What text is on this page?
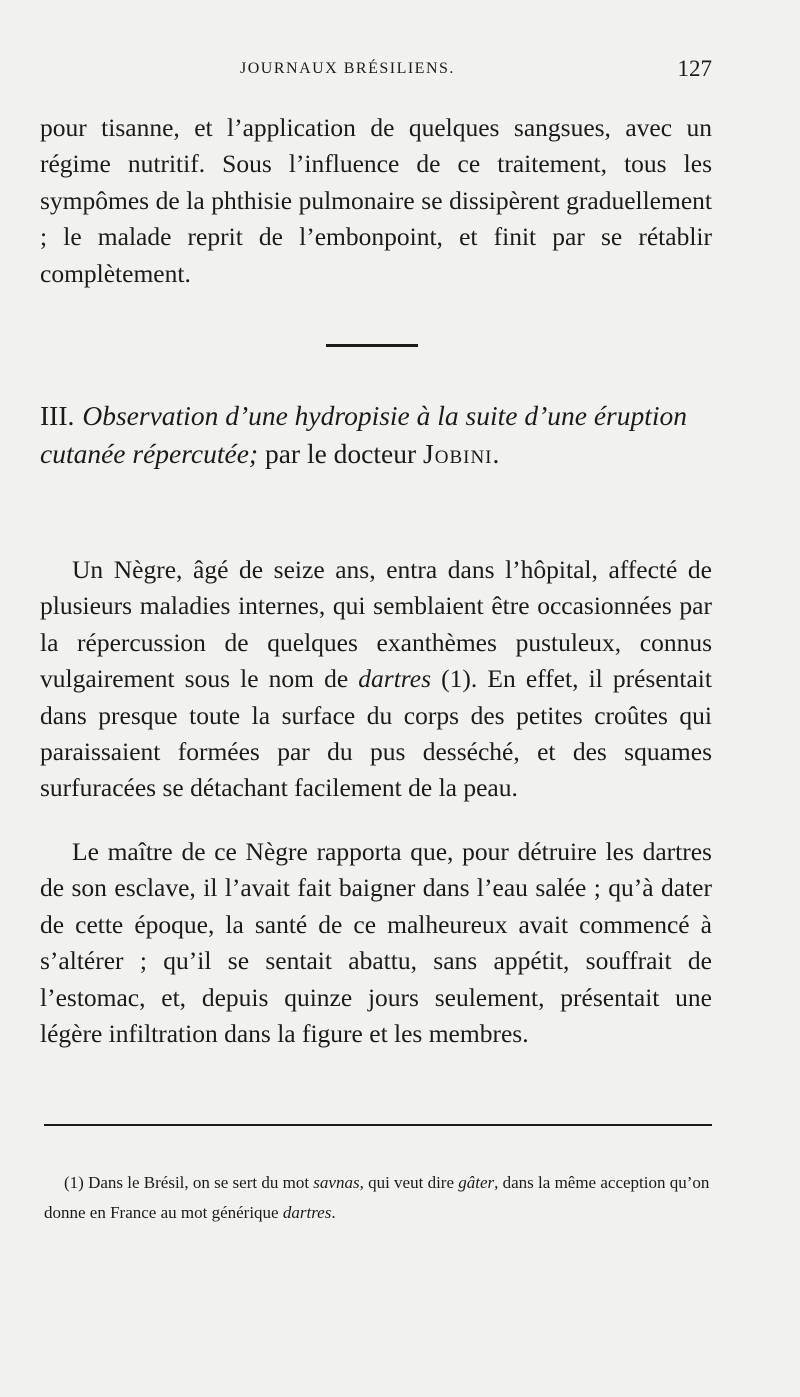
JOURNAUX BRÉSILIENS.	127

pour tisanne, et l’application de quelques sangsues, avec un régime nutritif. Sous l’influence de ce traitement, tous les sympômes de la phthisie pulmonaire se dissipèrent graduellement ; le malade reprit de l’embonpoint, et finit par se rétablir complètement.

III. Observation d’une hydropisie à la suite d’une éruption cutanée répercutée; par le docteur Jobini.

Un Nègre, âgé de seize ans, entra dans l’hôpital, affecté de plusieurs maladies internes, qui semblaient être occasionnées par la répercussion de quelques exanthèmes pustuleux, connus vulgairement sous le nom de dartres (1). En effet, il présentait dans presque toute la surface du corps des petites croûtes qui paraissaient formées par du pus desséché, et des squames surfuracées se détachant facilement de la peau.

Le maître de ce Nègre rapporta que, pour détruire les dartres de son esclave, il l’avait fait baigner dans l’eau salée ; qu’à dater de cette époque, la santé de ce malheureux avait commencé à s’altérer ; qu’il se sentait abattu, sans appétit, souffrait de l’estomac, et, depuis quinze jours seulement, présentait une légère infiltration dans la figure et les membres.

(1) Dans le Brésil, on se sert du mot savnas, qui veut dire gâter, dans la même acception qu’on donne en France au mot générique dartres.
